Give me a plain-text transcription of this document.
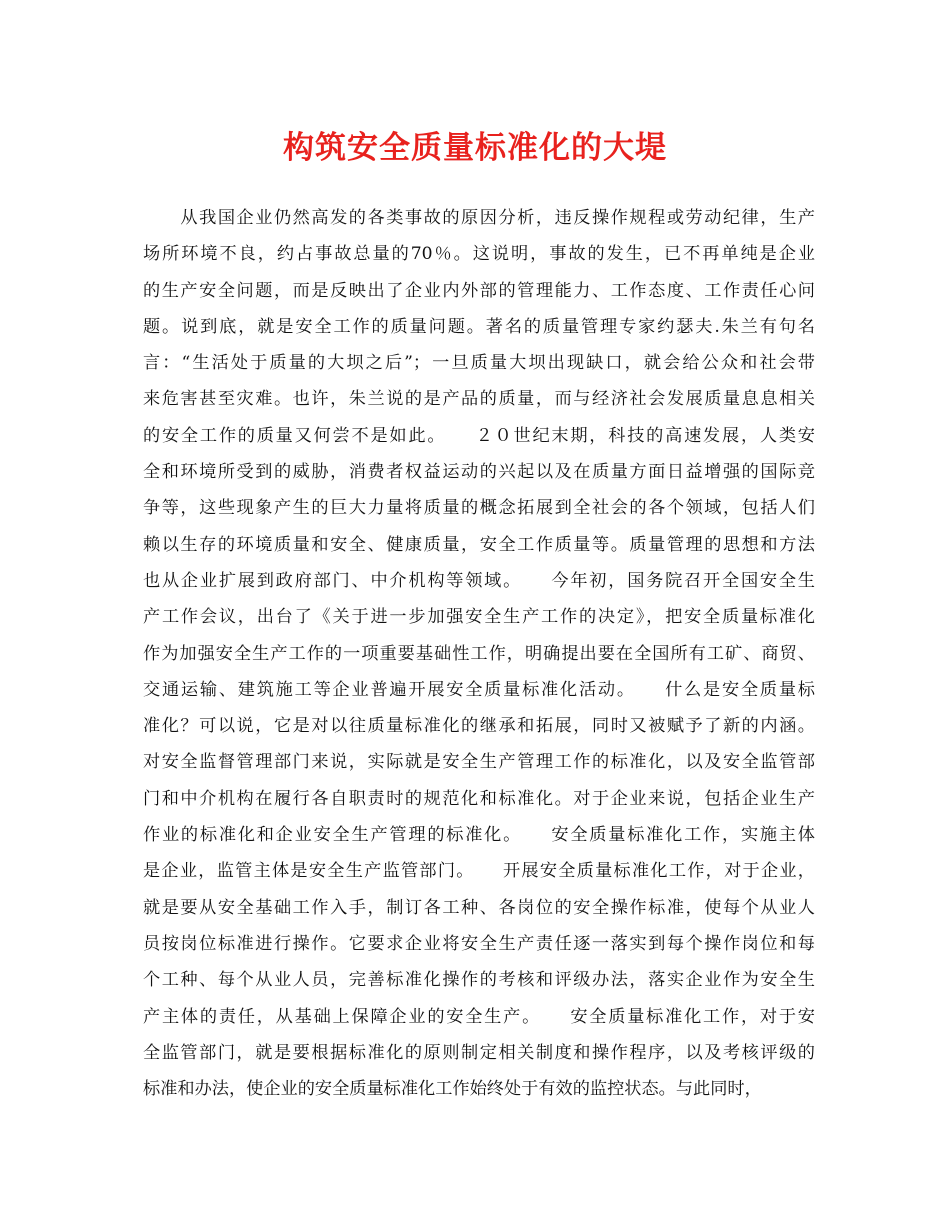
构筑安全质量标准化的大堤
　　从我国企业仍然高发的各类事故的原因分析，违反操作规程或劳动纪律，生产
场所环境不良，约占事故总量的70％。这说明，事故的发生，已不再单纯是企业
的生产安全问题，而是反映出了企业内外部的管理能力、工作态度、工作责任心问
题。说到底，就是安全工作的质量问题。著名的质量管理专家约瑟夫.朱兰有句名
言：“生活处于质量的大坝之后”；一旦质量大坝出现缺口，就会给公众和社会带
来危害甚至灾难。也许，朱兰说的是产品的质量，而与经济社会发展质量息息相关
的安全工作的质量又何尝不是如此。　　２０世纪末期，科技的高速发展，人类安
全和环境所受到的威胁，消费者权益运动的兴起以及在质量方面日益增强的国际竞
争等，这些现象产生的巨大力量将质量的概念拓展到全社会的各个领域，包括人们
赖以生存的环境质量和安全、健康质量，安全工作质量等。质量管理的思想和方法
也从企业扩展到政府部门、中介机构等领域。　　今年初，国务院召开全国安全生
产工作会议，出台了《关于进一步加强安全生产工作的决定》，把安全质量标准化
作为加强安全生产工作的一项重要基础性工作，明确提出要在全国所有工矿、商贸、
交通运输、建筑施工等企业普遍开展安全质量标准化活动。　　什么是安全质量标
准化？可以说，它是对以往质量标准化的继承和拓展，同时又被赋予了新的内涵。
对安全监督管理部门来说，实际就是安全生产管理工作的标准化，以及安全监管部
门和中介机构在履行各自职责时的规范化和标准化。对于企业来说，包括企业生产
作业的标准化和企业安全生产管理的标准化。　　安全质量标准化工作，实施主体
是企业，监管主体是安全生产监管部门。　　开展安全质量标准化工作，对于企业，
就是要从安全基础工作入手，制订各工种、各岗位的安全操作标准，使每个从业人
员按岗位标准进行操作。它要求企业将安全生产责任逐一落实到每个操作岗位和每
个工种、每个从业人员，完善标准化操作的考核和评级办法，落实企业作为安全生
产主体的责任，从基础上保障企业的安全生产。　　安全质量标准化工作，对于安
全监管部门，就是要根据标准化的原则制定相关制度和操作程序，以及考核评级的
标准和办法，使企业的安全质量标准化工作始终处于有效的监控状态。与此同时，
